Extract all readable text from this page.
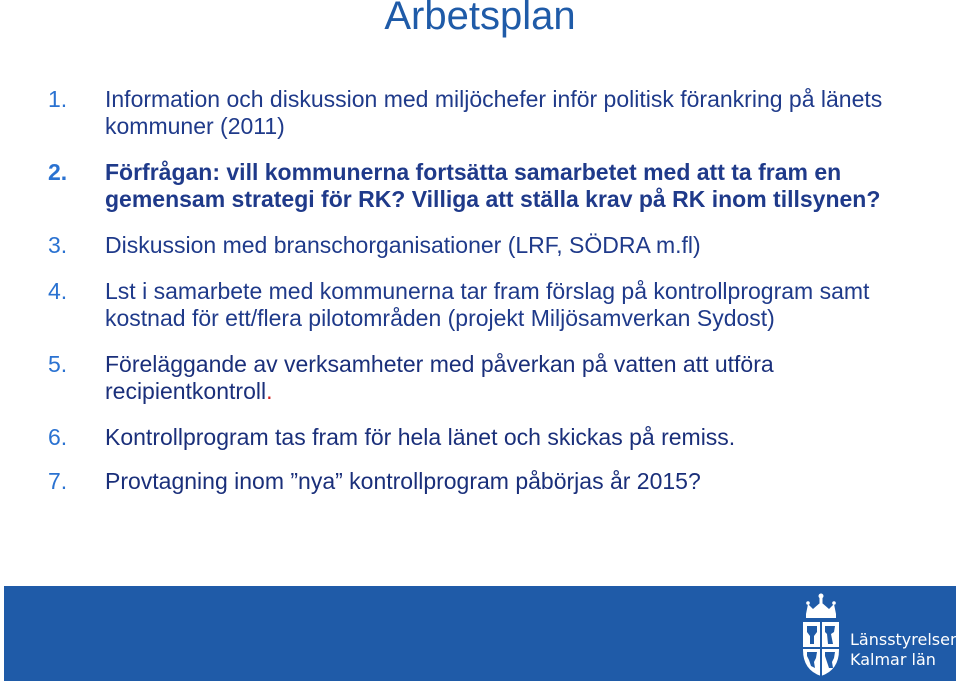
Arbetsplan
1. Information och diskussion med miljöchefer inför politisk förankring på länets kommuner (2011)
2. Förfrågan: vill kommunerna fortsätta samarbetet med att ta fram en gemensam strategi för RK? Villiga att ställa krav på RK inom tillsynen?
3. Diskussion med branschorganisationer (LRF, SÖDRA m.fl)
4. Lst i samarbete med kommunerna tar fram förslag på kontrollprogram samt kostnad för ett/flera pilotområden (projekt Miljösamverkan Sydost)
5. Föreläggande av verksamheter med påverkan på vatten att utföra recipientkontroll.
6. Kontrollprogram tas fram för hela länet och skickas på remiss.
7. Provtagning inom ”nya” kontrollprogram påbörjas år 2015?
Länsstyrelsen
Kalmar län
